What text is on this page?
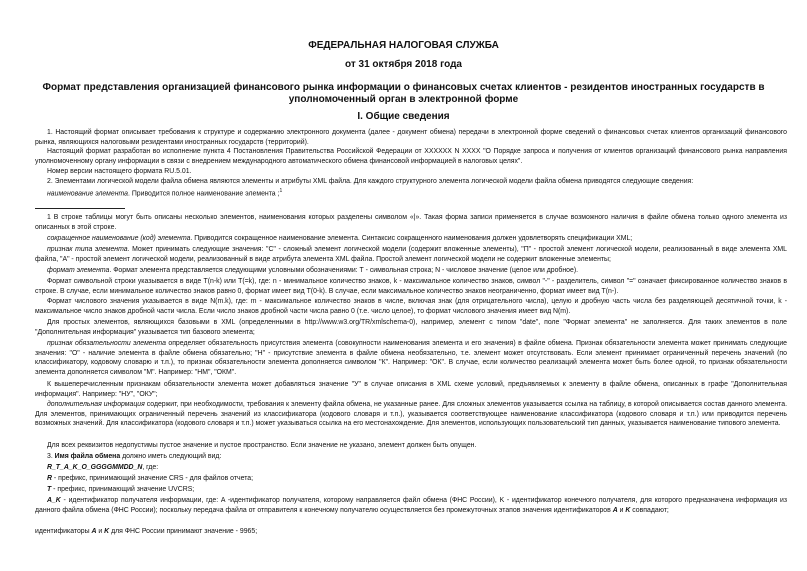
ФЕДЕРАЛЬНАЯ НАЛОГОВАЯ СЛУЖБА
от 31 октября 2018 года
Формат представления организацией финансового рынка информации о финансовых счетах клиентов - резидентов иностранных государств в уполномоченный орган в электронной форме
I. Общие сведения

1. Настоящий формат описывает требования к структуре и содержанию электронного документа (далее - документ обмена) передачи в электронной форме сведений о финансовых счетах клиентов организаций финансового рынка, являющихся налоговыми резидентами иностранных государств (территорий).

Настоящий формат разработан во исполнение пункта 4 Постановления Правительства Российской Федерации от XXXXXX N XXXX "О Порядке запроса и получения от клиентов организаций финансового рынка направления уполномоченному органу информации в связи с внедрением международного автоматического обмена финансовой информацией в налоговых целях".

Номер версии настоящего формата RU.5.01.

2. Элементами логической модели файла обмена являются элементы и атрибуты XML файла. Для каждого структурного элемента логической модели файла обмена приводятся следующие сведения:

наименование элемента. Приводится полное наименование элемента ;$^1$

1 В строке таблицы могут быть описаны несколько элементов, наименования которых разделены символом «|». Такая форма записи применяется в случае возможного наличия в файле обмена только одного элемента из описанных в этой строке.

сокращенное наименование (код) элемента. Приводится сокращенное наименование элемента. Синтаксис сокращенного наименования должен удовлетворять спецификации XML;

признак типа элемента. Может принимать следующие значения: "С" - сложный элемент логической модели (содержит вложенные элементы), "П" - простой элемент логической модели, реализованный в виде элемента XML файла, "А" - простой элемент логической модели, реализованный в виде атрибута элемента XML файла. Простой элемент логической модели не содержит вложенные элементы;

формат элемента. Формат элемента представляется следующими условными обозначениями: Т - символьная строка; N - числовое значение (целое или дробное).

Формат символьной строки указывается в виде Т(n-k) или Т(=k), где: n - минимальное количество знаков, k - максимальное количество знаков, символ "-" - разделитель, символ "=" означает фиксированное количество знаков в строке. В случае, если минимальное количество знаков равно 0, формат имеет вид Т(0-k). В случае, если максимальное количество знаков неограниченно, формат имеет вид Т(n-).

Формат числового значения указывается в виде N(m.k), где: m - максимальное количество знаков в числе, включая знак (для отрицательного числа), целую и дробную часть числа без разделяющей десятичной точки, k - максимальное число знаков дробной части числа. Если число знаков дробной части числа равно 0 (т.е. число целое), то формат числового значения имеет вид N(m).

Для простых элементов, являющихся базовыми в XML (определенными в http://www.w3.org/TR/xmlschema-0), например, элемент с типом "date", поле "Формат элемента" не заполняется. Для таких элементов в поле "Дополнительная информация" указывается тип базового элемента;

признак обязательности элемента определяет обязательность присутствия элемента (совокупности наименования элемента и его значения) в файле обмена. Признак обязательности элемента может принимать следующие значения: "О" - наличие элемента в файле обмена обязательно; "Н" - присутствие элемента в файле обмена необязательно, т.е. элемент может отсутствовать. Если элемент принимает ограниченный перечень значений (по классификатору, кодовому словарю и т.п.), то признак обязательности элемента дополняется символом "К". Например: "ОК". В случае, если количество реализаций элемента может быть более одной, то признак обязательности элемента дополняется символом "М". Например: "НМ", "ОКМ".

К вышеперечисленным признакам обязательности элемента может добавляться значение "У" в случае описания в XML схеме условий, предъявляемых к элементу в файле обмена, описанных в графе "Дополнительная информация". Например: "НУ", "ОКУ";

дополнительная информация содержит, при необходимости, требования к элементу файла обмена, не указанные ранее. Для сложных элементов указывается ссылка на таблицу, в которой описывается состав данного элемента. Для элементов, принимающих ограниченный перечень значений из классификатора (кодового словаря и т.п.), указывается соответствующее наименование классификатора (кодового словаря и т.п.) или приводится перечень возможных значений. Для классификатора (кодового словаря и т.п.) может указываться ссылка на его местонахождение. Для элементов, использующих пользовательский тип данных, указывается наименование типового элемента.

Для всех реквизитов недопустимы пустое значение и пустое пространство. Если значение не указано, элемент должен быть опущен.

3. Имя файла обмена должно иметь следующий вид:

R_T_A_K_O_GGGGMMDD_N, где:

R - префикс, принимающий значение CRS - для файлов отчета;

T - префикс, принимающий значение UVCRS;

A_K - идентификатор получателя информации, где: A -идентификатор получателя, которому направляется файл обмена (ФНС России), K - идентификатор конечного получателя, для которого предназначена информация из данного файла обмена (ФНС России); поскольку передача файла от отправителя к конечному получателю осуществляется без промежуточных этапов значения идентификаторов A и K совпадают;

идентификаторы A и K для ФНС России принимают значение - 9965;
